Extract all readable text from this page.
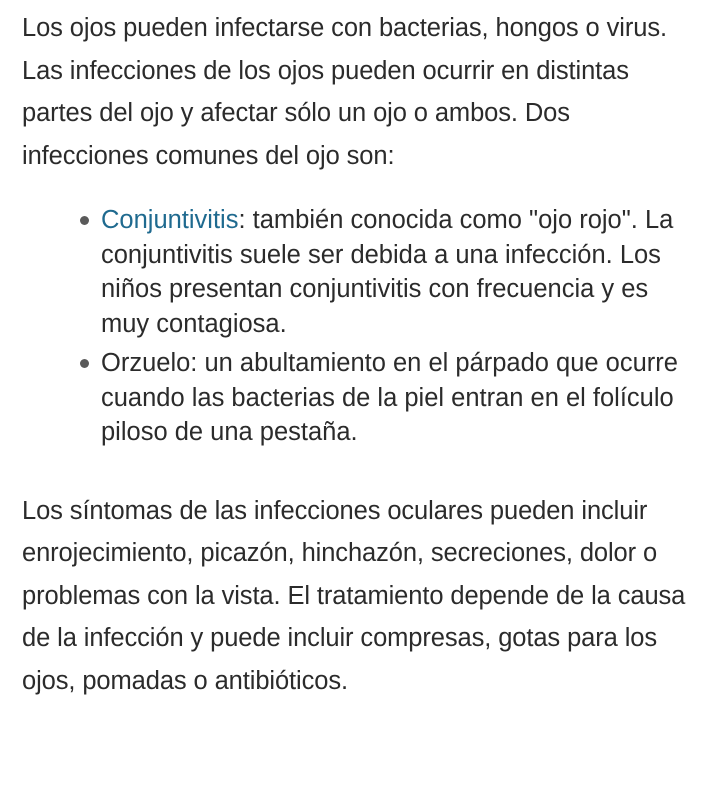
Los ojos pueden infectarse con bacterias, hongos o virus. Las infecciones de los ojos pueden ocurrir en distintas partes del ojo y afectar sólo un ojo o ambos. Dos infecciones comunes del ojo son:

Conjuntivitis: también conocida como "ojo rojo". La conjuntivitis suele ser debida a una infección. Los niños presentan conjuntivitis con frecuencia y es muy contagiosa.
Orzuelo: un abultamiento en el párpado que ocurre cuando las bacterias de la piel entran en el folículo piloso de una pestaña.

Los síntomas de las infecciones oculares pueden incluir enrojecimiento, picazón, hinchazón, secreciones, dolor o problemas con la vista. El tratamiento depende de la causa de la infección y puede incluir compresas, gotas para los ojos, pomadas o antibióticos.
